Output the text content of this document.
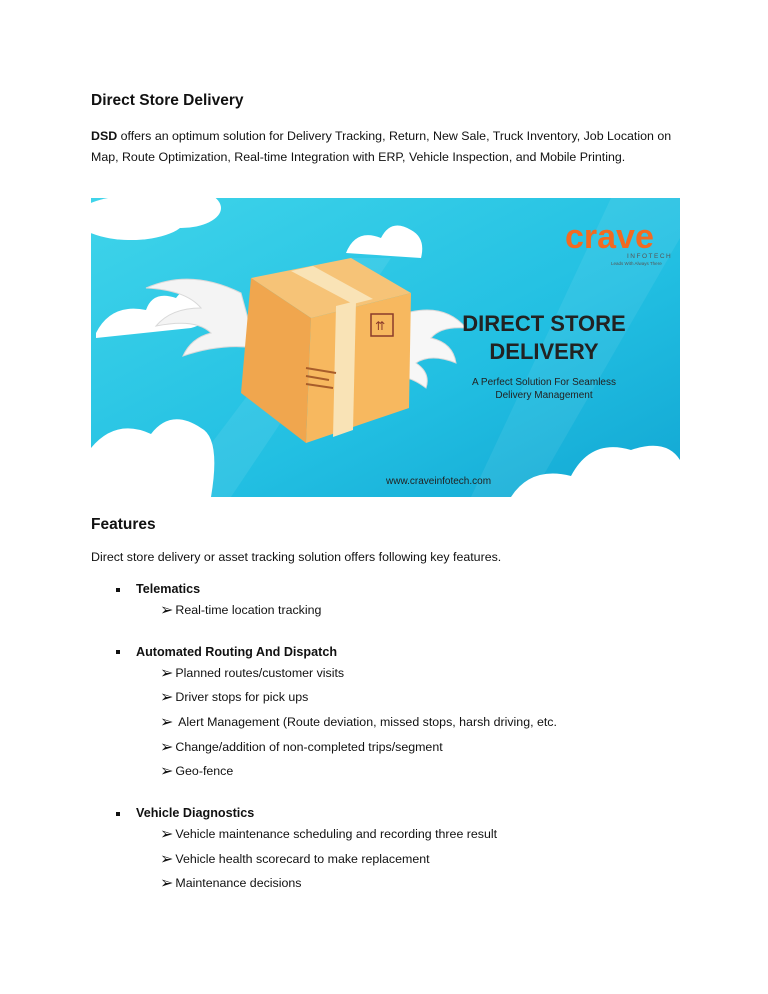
Direct Store Delivery

DSD offers an optimum solution for Delivery Tracking, Return, New Sale, Truck Inventory, Job Location on Map, Route Optimization, Real-time Integration with ERP, Vehicle Inspection, and Mobile Printing.

⇈
crave
INFOTECH
Leads With Always There
DIRECT STORE
DELIVERY
A Perfect Solution For Seamless
Delivery Management
www.craveinfotech.com
Features
Direct store delivery or asset tracking solution offers following key features.
Telematics
➢ Real-time location tracking
Automated Routing And Dispatch
➢ Planned routes/customer visits
➢ Driver stops for pick ups
➢ Alert Management (Route deviation, missed stops, harsh driving, etc.
➢ Change/addition of non-completed trips/segment
➢ Geo-fence
Vehicle Diagnostics
➢ Vehicle maintenance scheduling and recording three result
➢ Vehicle health scorecard to make replacement
➢ Maintenance decisions
